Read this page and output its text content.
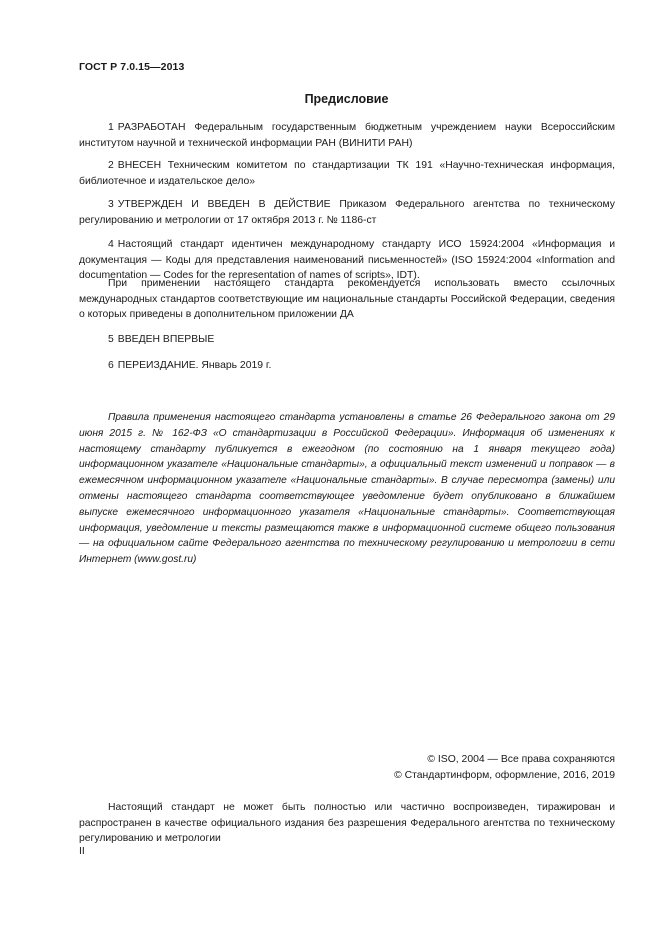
ГОСТ Р 7.0.15—2013
Предисловие
1 РАЗРАБОТАН Федеральным государственным бюджетным учреждением науки Всероссийским институтом научной и технической информации РАН (ВИНИТИ РАН)
2 ВНЕСЕН Техническим комитетом по стандартизации ТК 191 «Научно-техническая информация, библиотечное и издательское дело»
3 УТВЕРЖДЕН И ВВЕДЕН В ДЕЙСТВИЕ Приказом Федерального агентства по техническому регулированию и метрологии от 17 октября 2013 г. № 1186-ст
4 Настоящий стандарт идентичен международному стандарту ИСО 15924:2004 «Информация и документация — Коды для представления наименований письменностей» (ISO 15924:2004 «Information and documentation — Codes for the representation of names of scripts», IDT).
При применении настоящего стандарта рекомендуется использовать вместо ссылочных международных стандартов соответствующие им национальные стандарты Российской Федерации, сведения о которых приведены в дополнительном приложении ДА
5 ВВЕДЕН ВПЕРВЫЕ
6 ПЕРЕИЗДАНИЕ. Январь 2019 г.
Правила применения настоящего стандарта установлены в статье 26 Федерального закона от 29 июня 2015 г. № 162-ФЗ «О стандартизации в Российской Федерации». Информация об изменениях к настоящему стандарту публикуется в ежегодном (по состоянию на 1 января текущего года) информационном указателе «Национальные стандарты», а официальный текст изменений и поправок — в ежемесячном информационном указателе «Национальные стандарты». В случае пересмотра (замены) или отмены настоящего стандарта соответствующее уведомление будет опубликовано в ближайшем выпуске ежемесячного информационного указателя «Национальные стандарты». Соответствующая информация, уведомление и тексты размещаются также в информационной системе общего пользования — на официальном сайте Федерального агентства по техническому регулированию и метрологии в сети Интернет (www.gost.ru)
© ISO, 2004 — Все права сохраняются
© Стандартинформ, оформление, 2016, 2019
Настоящий стандарт не может быть полностью или частично воспроизведен, тиражирован и распространен в качестве официального издания без разрешения Федерального агентства по техническому регулированию и метрологии
II
